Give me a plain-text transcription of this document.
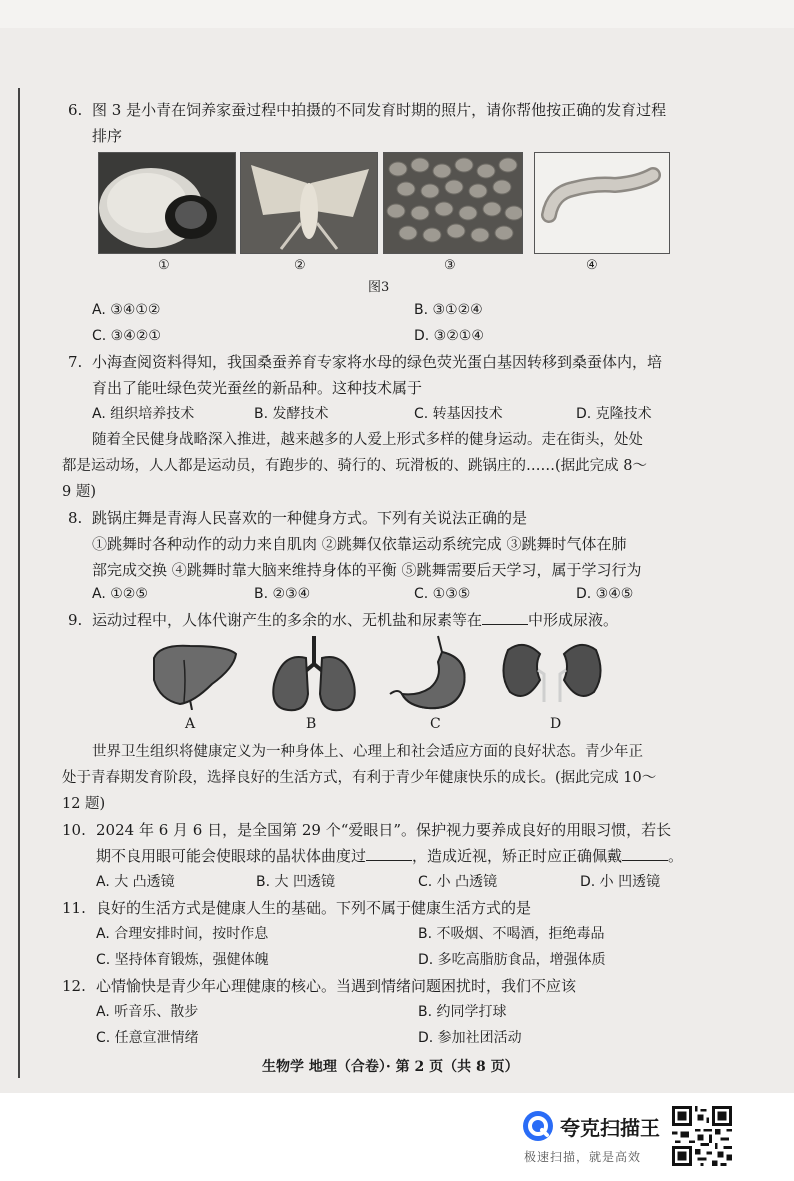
6. 图 3 是小青在饲养家蚕过程中拍摄的不同发育时期的照片，请你帮他按正确的发育过程
排序
①	②	③	④
图3
A. ③④①②	B. ③①②④
C. ③④②①	D. ③②①④
7. 小海查阅资料得知，我国桑蚕养育专家将水母的绿色荧光蛋白基因转移到桑蚕体内，培
育出了能吐绿色荧光蚕丝的新品种。这种技术属于
A. 组织培养技术	B. 发酵技术	C. 转基因技术	D. 克隆技术
随着全民健身战略深入推进，越来越多的人爱上形式多样的健身运动。走在街头，处处
都是运动场，人人都是运动员，有跑步的、骑行的、玩滑板的、跳锅庄的……(据此完成 8～
9 题)
8. 跳锅庄舞是青海人民喜欢的一种健身方式。下列有关说法正确的是
①跳舞时各种动作的动力来自肌肉 ②跳舞仅依靠运动系统完成 ③跳舞时气体在肺
部完成交换 ④跳舞时靠大脑来维持身体的平衡 ⑤跳舞需要后天学习，属于学习行为
A. ①②⑤	B. ②③④	C. ①③⑤	D. ③④⑤
9. 运动过程中，人体代谢产生的多余的水、无机盐和尿素等在	中形成尿液。
A	B	C	D
世界卫生组织将健康定义为一种身体上、心理上和社会适应方面的良好状态。青少年正
处于青春期发育阶段，选择良好的生活方式，有利于青少年健康快乐的成长。(据此完成 10～
12 题)
10. 2024 年 6 月 6 日，是全国第 29 个“爱眼日”。保护视力要养成良好的用眼习惯，若长
期不良用眼可能会使眼球的晶状体曲度过	，造成近视，矫正时应正确佩戴	。
A. 大 凸透镜	B. 大 凹透镜	C. 小 凸透镜	D. 小 凹透镜
11. 良好的生活方式是健康人生的基础。下列不属于健康生活方式的是
A. 合理安排时间，按时作息	B. 不吸烟、不喝酒，拒绝毒品
C. 坚持体育锻炼，强健体魄	D. 多吃高脂肪食品，增强体质
12. 心情愉快是青少年心理健康的核心。当遇到情绪问题困扰时，我们不应该
A. 听音乐、散步	B. 约同学打球
C. 任意宣泄情绪	D. 参加社团活动
生物学 地理（合卷）· 第 2 页（共 8 页）
夸克扫描王
极速扫描，就是高效
